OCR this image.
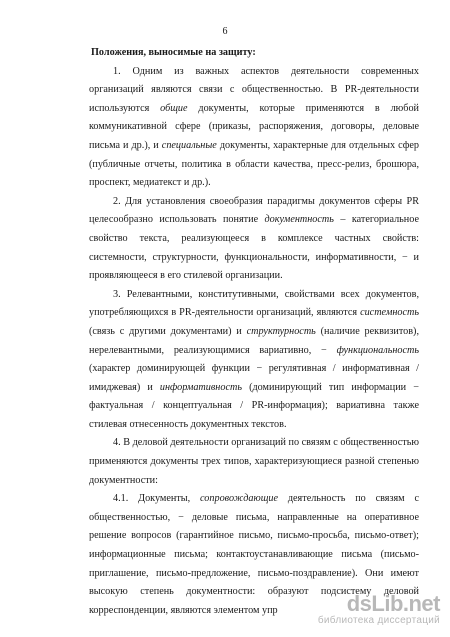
6

Положения, выносимые на защиту:

1. Одним из важных аспектов деятельности современных организаций являются связи с общественностью. В PR-деятельности используются общие документы, которые применяются в любой коммуникативной сфере (приказы, распоряжения, договоры, деловые письма и др.), и специальные документы, характерные для отдельных сфер (публичные отчеты, политика в области качества, пресс-релиз, брошюра, проспект, медиатекст и др.).

2. Для установления своеобразия парадигмы документов сферы PR целесообразно использовать понятие документность – категориальное свойство текста, реализующееся в комплексе частных свойств: системности, структурности, функциональности, информативности, − и проявляющееся в его стилевой организации.

3. Релевантными, конститутивными, свойствами всех документов, употребляющихся в PR-деятельности организаций, являются системность (связь с другими документами) и структурность (наличие реквизитов), нерелевантными, реализующимися вариативно, − функциональность (характер доминирующей функции − регулятивная / информативная / имиджевая) и информативность (доминирующий тип информации − фактуальная / концептуальная / PR-информация); вариативна также стилевая отнесенность документных текстов.

4. В деловой деятельности организаций по связям с общественностью применяются документы трех типов, характеризующиеся разной степенью документности:

4.1. Документы, сопровождающие деятельность по связям с общественностью, − деловые письма, направленные на оперативное решение вопросов (гарантийное письмо, письмо-просьба, письмо-ответ); информационные письма; контактоустанавливающие письма (письмо-приглашение, письмо-предложение, письмо-поздравление). Они имеют высокую степень документности: образуют подсистему деловой корреспонденции, являются элементом упр	dsLib.net
библиотека диссертаций
